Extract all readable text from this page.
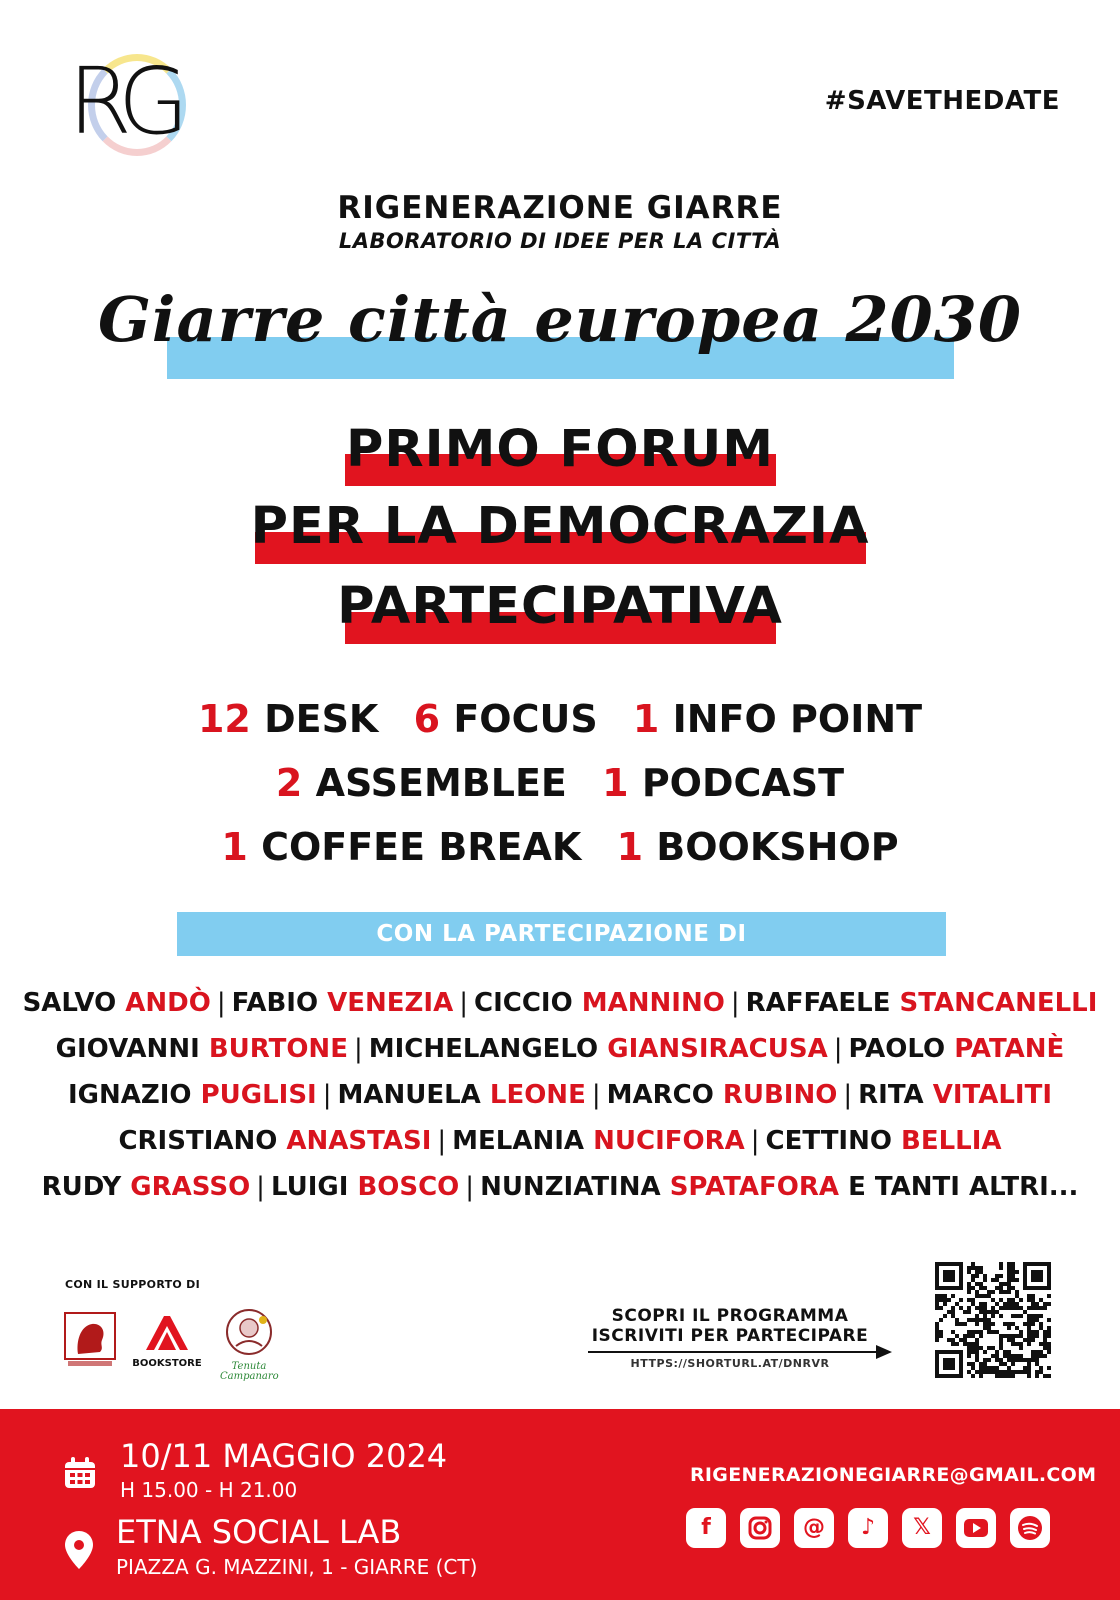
RG	#SAVETHEDATE
RIGENERAZIONE GIARRE
LABORATORIO DI IDEE PER LA CITTÀ
Giarre città europea 2030
PRIMO FORUM
PER LA DEMOCRAZIA
PARTECIPATIVA
12 DESK 6 FOCUS 1 INFO POINT
2 ASSEMBLEE 1 PODCAST
1 COFFEE BREAK 1 BOOKSHOP
CON LA PARTECIPAZIONE DI
SALVO ANDÒ | FABIO VENEZIA | CICCIO MANNINO | RAFFAELE STANCANELLI
GIOVANNI BURTONE | MICHELANGELO GIANSIRACUSA | PAOLO PATANÈ
IGNAZIO PUGLISI | MANUELA LEONE | MARCO RUBINO | RITA VITALITI
CRISTIANO ANASTASI | MELANIA NUCIFORA | CETTINO BELLIA
RUDY GRASSO | LUIGI BOSCO | NUNZIATINA SPATAFORA E TANTI ALTRI...
CON IL SUPPORTO DI
BOOKSTORE	Tenuta Campanaro
SCOPRI IL PROGRAMMA
ISCRIVITI PER PARTECIPARE
HTTPS://SHORTURL.AT/DNRVR
10/11 MAGGIO 2024
H 15.00 - H 21.00
ETNA SOCIAL LAB
PIAZZA G. MAZZINI, 1 - GIARRE (CT)
RIGENERAZIONEGIARRE@GMAIL.COM
f	@	♪	𝕏
